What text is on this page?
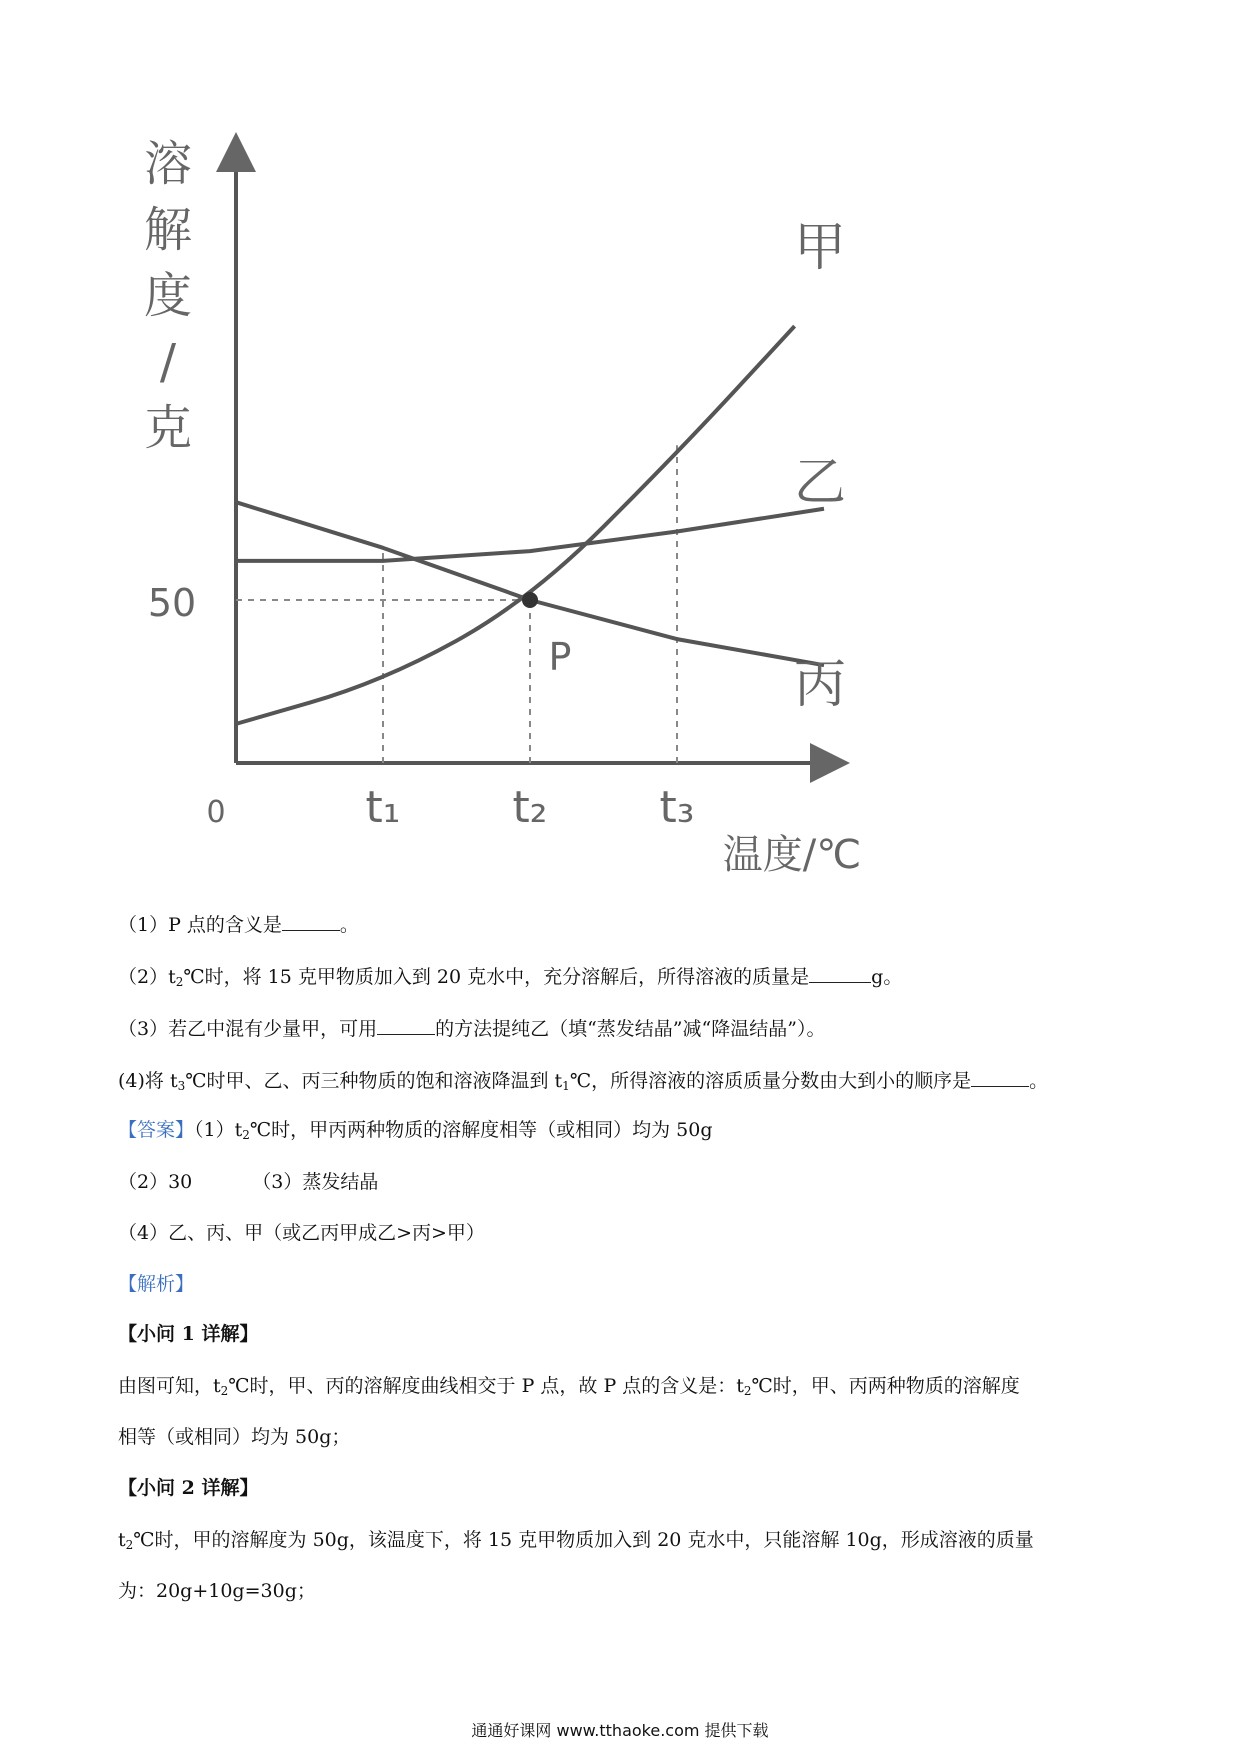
溶
解
度
/
克
温度/℃
0
50
t₁	t₂	t₃
P
甲
乙
丙
（1）P 点的含义是	。
$(2)t_2℃$时，将 15 克甲物质加入到 20 克水中，充分溶解后，所得溶液的质量是	g。
（3）若乙中混有少量甲，可用	的方法提纯乙（填“蒸发结晶”减“降温结晶”）。
(4)将 $t_3℃$时甲、乙、丙三种物质的饱和溶液降温到 $t_1℃$，所得溶液的溶质质量分数由大到小的顺序是	。
【答案】$(1)t_2℃$时，甲丙两种物质的溶解度相等（或相同）均为 50g
（2）30	（3）蒸发结晶
（4）乙、丙、甲（或乙丙甲成乙>丙>甲）
【解析】
【小问 1 详解】
由图可知，$t_2℃$时，甲、丙的溶解度曲线相交于 P 点，故 P 点的含义是：$t_2℃$时，甲、丙两种物质的溶解度
相等（或相同）均为 50g；
【小问 2 详解】
$t_2℃$时，甲的溶解度为 50g，该温度下，将 15 克甲物质加入到 20 克水中，只能溶解 10g，形成溶液的质量
为：20g+10g=30g；
通通好课网 www.tthaoke.com 提供下载
